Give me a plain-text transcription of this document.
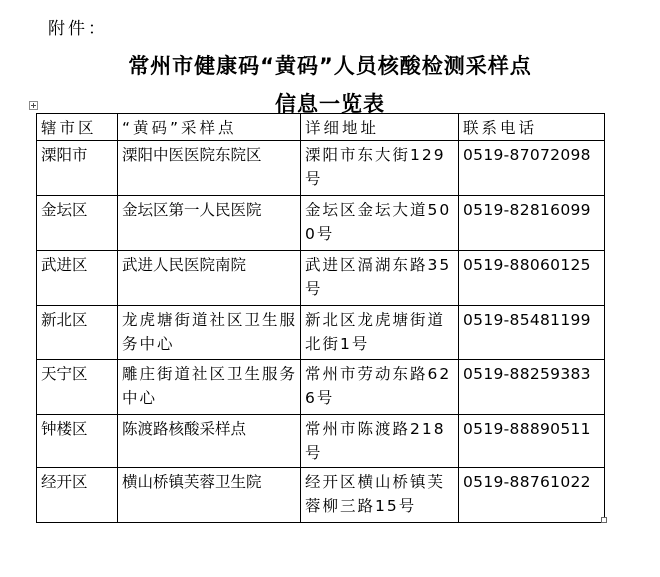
附件：
常州市健康码“黄码”人员核酸检测采样点
信息一览表
辖市区	“黄码”采样点	详细地址	联系电话
溧阳市	溧阳中医医院东院区	溧阳市东大街129号	0519-87072098
金坛区	金坛区第一人民医院	金坛区金坛大道500号	0519-82816099
武进区	武进人民医院南院	武进区滆湖东路35号	0519-88060125
新北区	龙虎塘街道社区卫生服务中心	新北区龙虎塘街道北街1号	0519-85481199
天宁区	雕庄街道社区卫生服务中心	常州市劳动东路626号	0519-88259383
钟楼区	陈渡路核酸采样点	常州市陈渡路218号	0519-88890511
经开区	横山桥镇芙蓉卫生院	经开区横山桥镇芙蓉柳三路15号	0519-88761022
